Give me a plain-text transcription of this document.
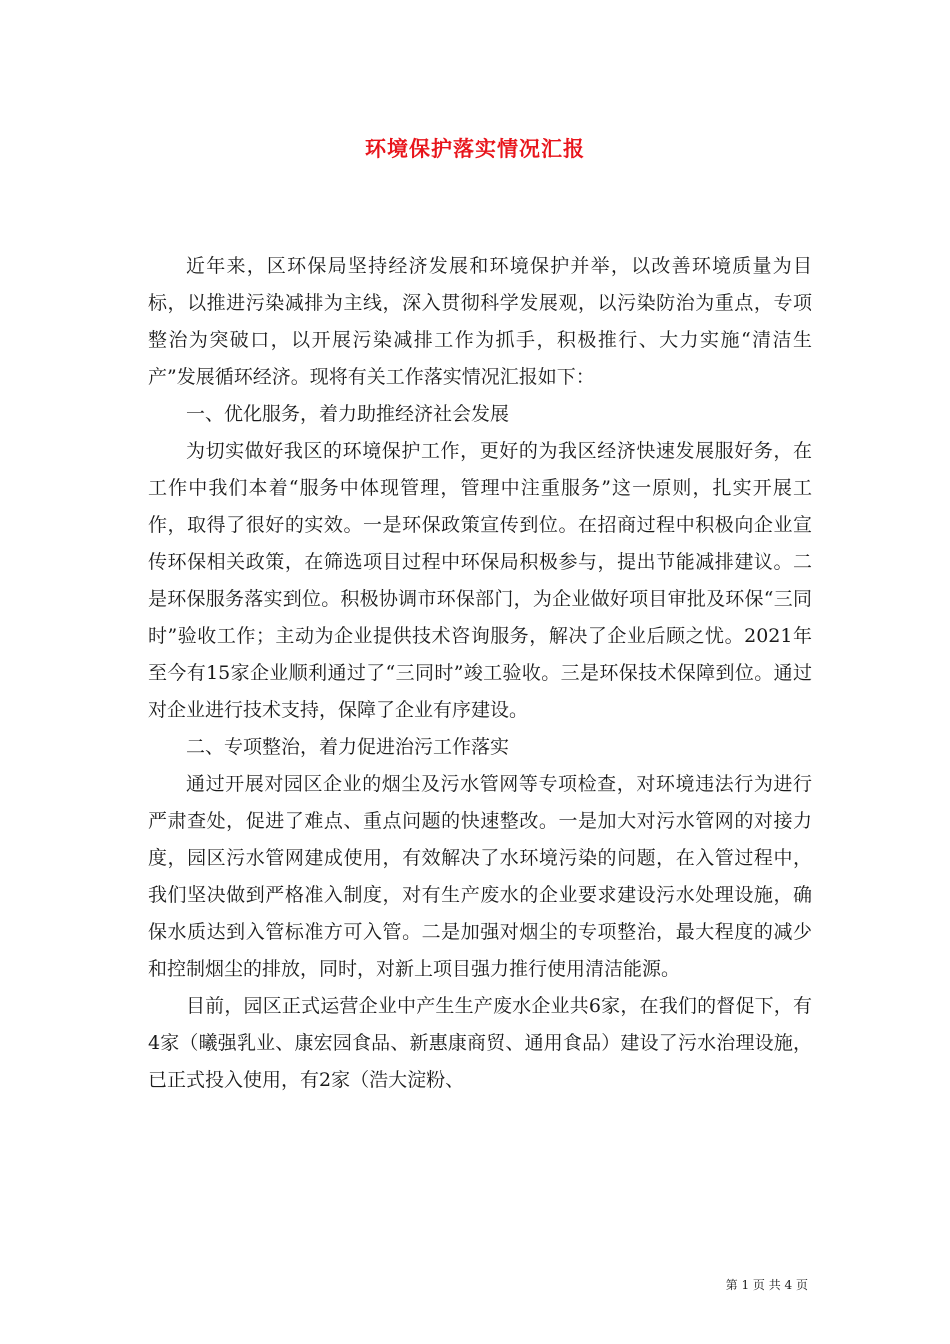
环境保护落实情况汇报

近年来，区环保局坚持经济发展和环境保护并举，以改善环境质量为目标，以推进污染减排为主线，深入贯彻科学发展观，以污染防治为重点，专项整治为突破口，以开展污染减排工作为抓手，积极推行、大力实施“清洁生产”发展循环经济。现将有关工作落实情况汇报如下：

一、优化服务，着力助推经济社会发展

为切实做好我区的环境保护工作，更好的为我区经济快速发展服好务，在工作中我们本着“服务中体现管理，管理中注重服务”这一原则，扎实开展工作，取得了很好的实效。一是环保政策宣传到位。在招商过程中积极向企业宣传环保相关政策，在筛选项目过程中环保局积极参与，提出节能减排建议。二是环保服务落实到位。积极协调市环保部门，为企业做好项目审批及环保“三同时”验收工作；主动为企业提供技术咨询服务，解决了企业后顾之忧。2021年至今有15家企业顺利通过了“三同时”竣工验收。三是环保技术保障到位。通过对企业进行技术支持，保障了企业有序建设。

二、专项整治，着力促进治污工作落实

通过开展对园区企业的烟尘及污水管网等专项检查，对环境违法行为进行严肃查处，促进了难点、重点问题的快速整改。一是加大对污水管网的对接力度，园区污水管网建成使用，有效解决了水环境污染的问题，在入管过程中，我们坚决做到严格准入制度，对有生产废水的企业要求建设污水处理设施，确保水质达到入管标准方可入管。二是加强对烟尘的专项整治，最大程度的减少和控制烟尘的排放，同时，对新上项目强力推行使用清洁能源。

目前，园区正式运营企业中产生生产废水企业共6家，在我们的督促下，有4家（曦强乳业、康宏园食品、新惠康商贸、通用食品）建设了污水治理设施，已正式投入使用，有2家（浩大淀粉、

第 1 页 共 4 页
